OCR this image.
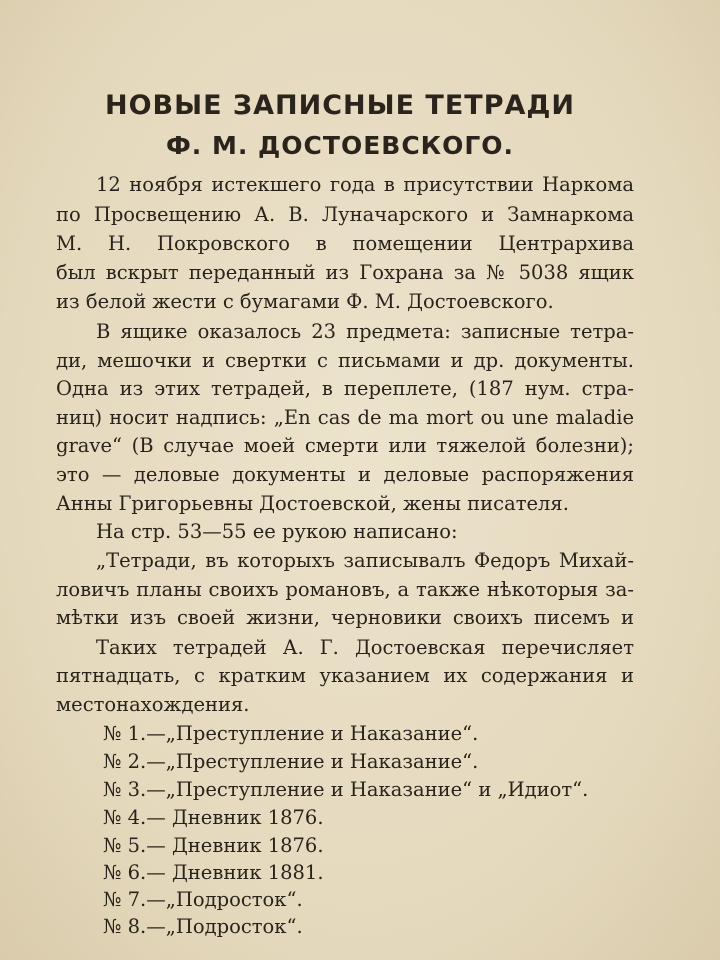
НОВЫЕ ЗАПИСНЫЕ ТЕТРАДИ
Ф. М. ДОСТОЕВСКОГО.
12 ноября истекшего года в присутствии Наркома
по Просвещению А. В. Луначарского и Замнаркома
М. Н. Покровского в помещении Центрархива
был вскрыт переданный из Гохрана за № 5038 ящик
из белой жести с бумагами Ф. М. Достоевского.
В ящике оказалось 23 предмета: записные тетра-
ди, мешочки и свертки с письмами и др. документы.
Одна из этих тетрадей, в переплете, (187 нум. стра-
ниц) носит надпись: „En cas de ma mort ou une maladie
grave“ (В случае моей смерти или тяжелой болезни);
это — деловые документы и деловые распоряжения
Анны Григорьевны Достоевской, жены писателя.
На стр. 53—55 ее рукою написано:
„Тетради, въ которыхъ записывалъ Федоръ Михай-
ловичъ планы своихъ романовъ, а также нѣкоторыя за-
мѣтки изъ своей жизни, черновики своихъ писемъ и
Таких тетрадей А. Г. Достоевская перечисляет
пятнадцать, с кратким указанием их содержания и
местонахождения.
№ 1.—„Преступление и Наказание“.
№ 2.—„Преступление и Наказание“.
№ 3.—„Преступление и Наказание“ и „Идиот“.
№ 4.— Дневник 1876.
№ 5.— Дневник 1876.
№ 6.— Дневник 1881.
№ 7.—„Подросток“.
№ 8.—„Подросток“.
